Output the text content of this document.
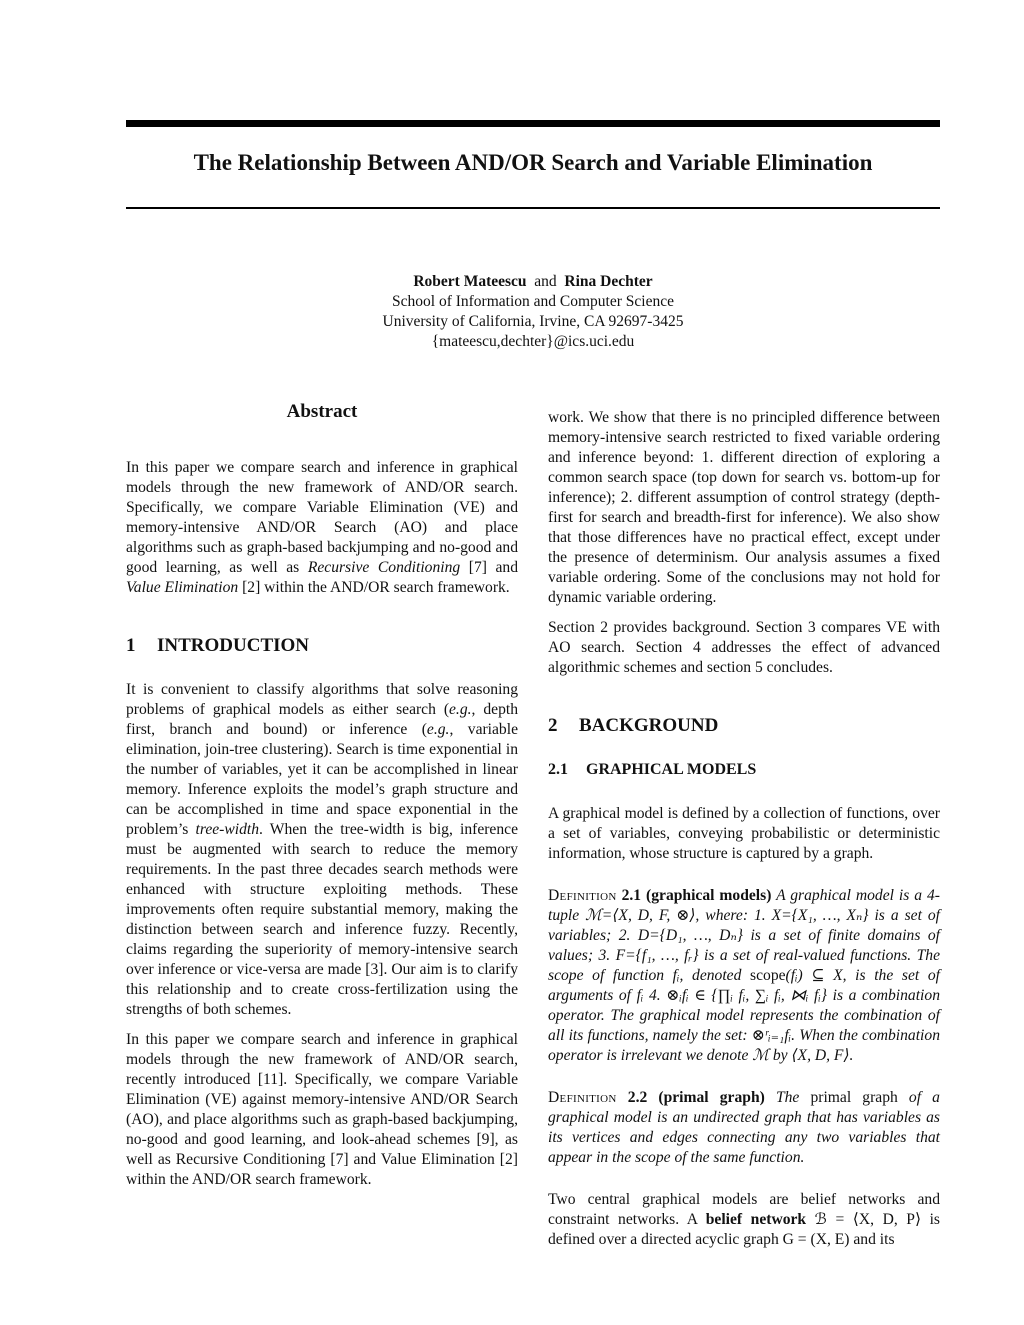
The Relationship Between AND/OR Search and Variable Elimination
Robert Mateescu and Rina Dechter
School of Information and Computer Science
University of California, Irvine, CA 92697-3425
{mateescu,dechter}@ics.uci.edu
Abstract

In this paper we compare search and inference in graphical models through the new framework of AND/OR search. Specifically, we compare Variable Elimination (VE) and memory-intensive AND/OR Search (AO) and place algorithms such as graph-based backjumping and no-good and good learning, as well as Recursive Conditioning [7] and Value Elimination [2] within the AND/OR search framework.

1 INTRODUCTION

It is convenient to classify algorithms that solve reasoning problems of graphical models as either search (e.g., depth first, branch and bound) or inference (e.g., variable elimination, join-tree clustering). Search is time exponential in the number of variables, yet it can be accomplished in linear memory. Inference exploits the model’s graph structure and can be accomplished in time and space exponential in the problem’s tree-width. When the tree-width is big, inference must be augmented with search to reduce the memory requirements. In the past three decades search methods were enhanced with structure exploiting methods. These improvements often require substantial memory, making the distinction between search and inference fuzzy. Recently, claims regarding the superiority of memory-intensive search over inference or vice-versa are made [3]. Our aim is to clarify this relationship and to create cross-fertilization using the strengths of both schemes.

In this paper we compare search and inference in graphical models through the new framework of AND/OR search, recently introduced [11]. Specifically, we compare Variable Elimination (VE) against memory-intensive AND/OR Search (AO), and place algorithms such as graph-based backjumping, no-good and good learning, and look-ahead schemes [9], as well as Recursive Conditioning [7] and Value Elimination [2] within the AND/OR search framework.

work. We show that there is no principled difference between memory-intensive search restricted to fixed variable ordering and inference beyond: 1. different direction of exploring a common search space (top down for search vs. bottom-up for inference); 2. different assumption of control strategy (depth-first for search and breadth-first for inference). We also show that those differences have no practical effect, except under the presence of determinism. Our analysis assumes a fixed variable ordering. Some of the conclusions may not hold for dynamic variable ordering.

Section 2 provides background. Section 3 compares VE with AO search. Section 4 addresses the effect of advanced algorithmic schemes and section 5 concludes.

2 BACKGROUND
2.1 GRAPHICAL MODELS

A graphical model is defined by a collection of functions, over a set of variables, conveying probabilistic or deterministic information, whose structure is captured by a graph.

Definition 2.1 (graphical models) A graphical model is a 4-tuple ℳ=⟨X, D, F, ⊗⟩, where: 1. X={X₁, …, Xₙ} is a set of variables; 2. D={D₁, …, Dₙ} is a set of finite domains of values; 3. F={f₁, …, fᵣ} is a set of real-valued functions. The scope of function fᵢ, denoted scope(fᵢ) ⊆ X, is the set of arguments of fᵢ 4. ⊗ᵢfᵢ ∈ {∏ᵢ fᵢ, ∑ᵢ fᵢ, ⋈ᵢ fᵢ} is a combination operator. The graphical model represents the combination of all its functions, namely the set: ⊗ʳᵢ₌₁fᵢ. When the combination operator is irrelevant we denote ℳ by ⟨X, D, F⟩.

Definition 2.2 (primal graph) The primal graph of a graphical model is an undirected graph that has variables as its vertices and edges connecting any two variables that appear in the scope of the same function.

Two central graphical models are belief networks and constraint networks. A belief network ℬ = ⟨X, D, P⟩ is defined over a directed acyclic graph G = (X, E) and its
